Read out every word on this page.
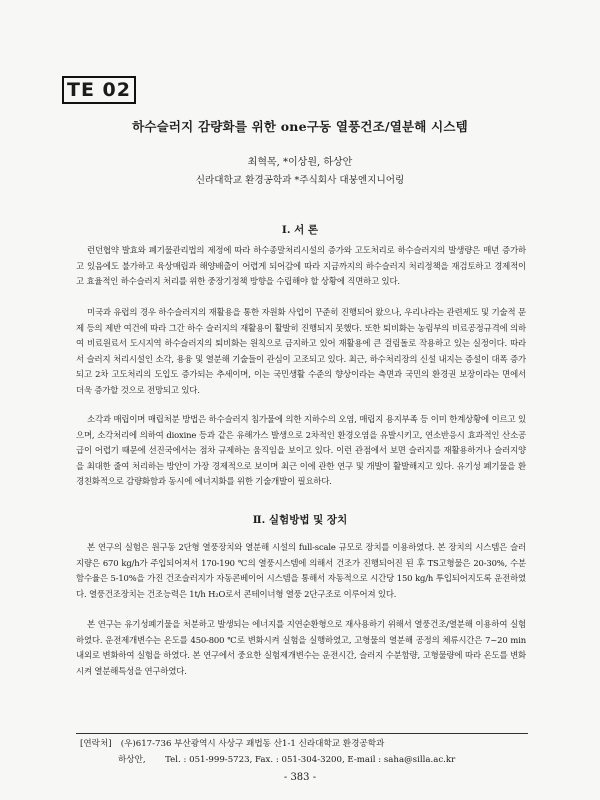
TE 02
하수슬러지 감량화를 위한 one구동 열풍건조/열분해 시스템
최혁목, *이상원, 하상안
신라대학교 환경공학과 *주식회사 대붕엔지니어링
Ⅰ. 서 론

런던협약 발효와 폐기물관리법의 제정에 따라 하수종말처리시설의 증가와 고도처리로 하수슬러지의 발생량은 매년 증가하고 있음에도 불가하고 육상매립과 해양배출이 어렵게 되어감에 따라 지금까지의 하수슬러지 처리정책을 재검토하고 경제적이고 효율적인 하수슬러지 처리를 위한 중장기정책 방향을 수립해야 할 상황에 직면하고 있다.

미국과 유럽의 경우 하수슬러지의 재활용을 통한 자원화 사업이 꾸준히 진행되어 왔으나, 우리나라는 관련제도 및 기술적 문제 등의 제반 여건에 따라 그간 하수 슬러지의 재활용이 활발히 진행되지 못했다. 또한 퇴비화는 농림부의 비료공정규격에 의하여 비료원료서 도시지역 하수슬러지의 퇴비화는 원칙으로 금지하고 있어 재활용에 큰 걸림돌로 작용하고 있는 실정이다. 따라서 슬러지 처리시설인 소각, 용융 및 열분해 기술들이 관심이 고조되고 있다. 최근, 하수처리장의 신설 내지는 증설이 대폭 증가되고 2차 고도처리의 도입도 증가되는 추세이며, 이는 국민생활 수준의 향상이라는 측면과 국민의 환경권 보장이라는 면에서 더욱 증가할 것으로 전망되고 있다.

소각과 매립이며 매립처분 방법은 하수슬러지 침가물에 의한 지하수의 오염, 매립지 용지부족 등 이미 한계상황에 이르고 있으며, 소각처리에 의하여 dioxine 등과 같은 유해가스 발생으로 2차적인 환경오염을 유발시키고, 연소반응시 효과적인 산소공급이 어렵기 때문에 선진국에서는 점차 규제하는 움직임을 보이고 있다. 이런 관점에서 보면 슬러지를 재활용하거나 슬러지양을 최대한 줄여 처리하는 방안이 가장 경제적으로 보이며 최근 이에 관한 연구 및 개발이 활발해지고 있다. 유기성 폐기물을 환경친화적으로 감량화함과 동시에 에너지화를 위한 기술개발이 필요하다.

Ⅱ. 실험방법 및 장치

본 연구의 실험은 원구동 2단형 열풍장치와 열분해 시설의 full-scale 규모로 장치를 이용하였다. 본 장치의 시스템은 슬러지량은 670 kg/h가 주입되어져서 170-190 ℃의 열풍시스템에 의해서 건조가 진행되어진 된 후 TS고형물은 20-30%, 수분함수율은 5-10%을 가진 건조슬러지가 자동콘베이어 시스템을 통해서 자동적으로 시간당 150 kg/h 투입되어지도록 운전하였다. 열풍건조장치는 건조능력은 1t/h H₂O로서 콘테이너형 열풍 2단구조로 이루어져 있다.

본 연구는 유기성폐기물을 처분하고 발생되는 에너지를 지연순환형으로 재사용하기 위해서 열풍건조/열분해 이용하여 실험하였다. 운전제개변수는 온도를 450-800 ℃로 변화시켜 실험을 실행하였고, 고형물의 열분해 공정의 체류시간은 7~20 min내외로 변화하여 실험을 하였다. 본 연구에서 중요한 실험제개변수는 운전시간, 슬러지 수분함량, 고형물량에 따라 온도를 변화시켜 열분해특성을 연구하였다.

[연락처] (우)617-736 부산광역시 사상구 괘법동 산1-1 신라대학교 환경공학과
하상안, Tel. : 051-999-5723, Fax. : 051-304-3200, E-mail : saha@silla.ac.kr
- 383 -
